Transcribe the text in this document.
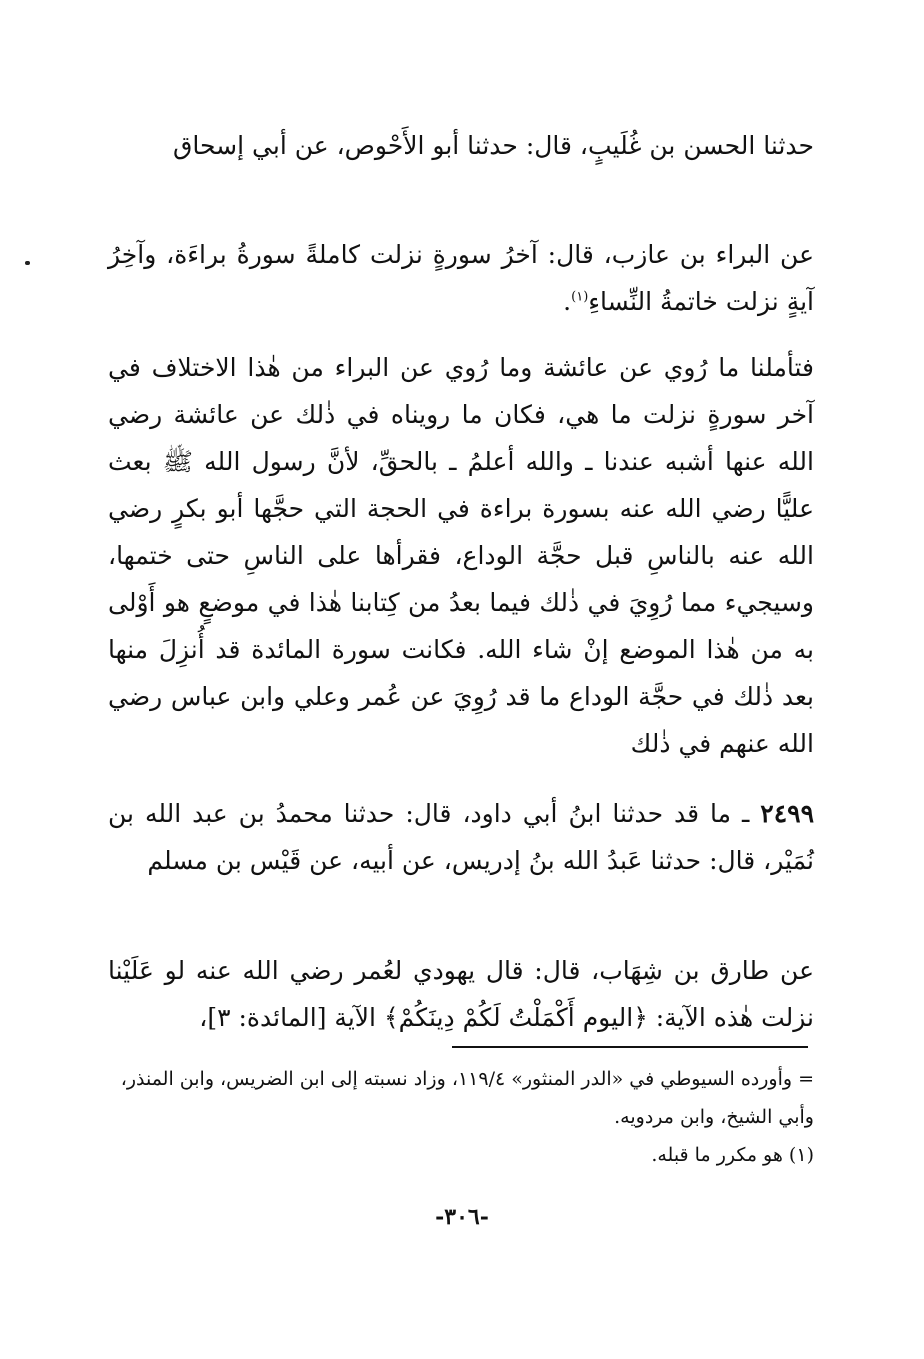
حدثنا الحسن بن غُلَيبٍ، قال: حدثنا أبو الأَحْوص، عن أبي إسحاق

عن البراء بن عازب، قال: آخرُ سورةٍ نزلت كاملةً سورةُ براءَة، وآخِرُ آيةٍ نزلت خاتمةُ النِّساءِ$^{(١)}$.

فتأملنا ما رُوي عن عائشة وما رُوي عن البراء من هٰذا الاختلاف في آخر سورةٍ نزلت ما هي، فكان ما رويناه في ذٰلك عن عائشة رضي الله عنها أشبه عندنا ـ والله أعلمُ ـ بالحقِّ، لأنَّ رسول الله ﷺ بعث عليًّا رضي الله عنه بسورة براءة في الحجة التي حجَّها أبو بكرٍ رضي الله عنه بالناسِ قبل حجَّة الوداع، فقرأها على الناسِ حتى ختمها، وسيجيء مما رُوِيَ في ذٰلك فيما بعدُ من كِتابنا هٰذا في موضعٍ هو أَوْلى به من هٰذا الموضع إنْ شاء الله. فكانت سورة المائدة قد أُنزِلَ منها بعد ذٰلك في حجَّة الوداع ما قد رُوِيَ عن عُمر وعلي وابن عباس رضي الله عنهم في ذٰلك

٢٤٩٩ ـ ما قد حدثنا ابنُ أبي داود، قال: حدثنا محمدُ بن عبد الله بن نُمَيْر، قال: حدثنا عَبدُ الله بنُ إدريس، عن أبيه، عن قَيْس بن مسلم

عن طارق بن شِهَاب، قال: قال يهودي لعُمر رضي الله عنه لو عَلَيْنا نزلت هٰذه الآية: ﴿اليوم أَكْمَلْتُ لَكُمْ دِينَكُمْ﴾ الآية [المائدة: ٣]،

= وأورده السيوطي في «الدر المنثور» ١١٩/٤، وزاد نسبته إلى ابن الضريس، وابن المنذر، وأبي الشيخ، وابن مردويه.

(١) هو مكرر ما قبله.

-٣٠٦-
